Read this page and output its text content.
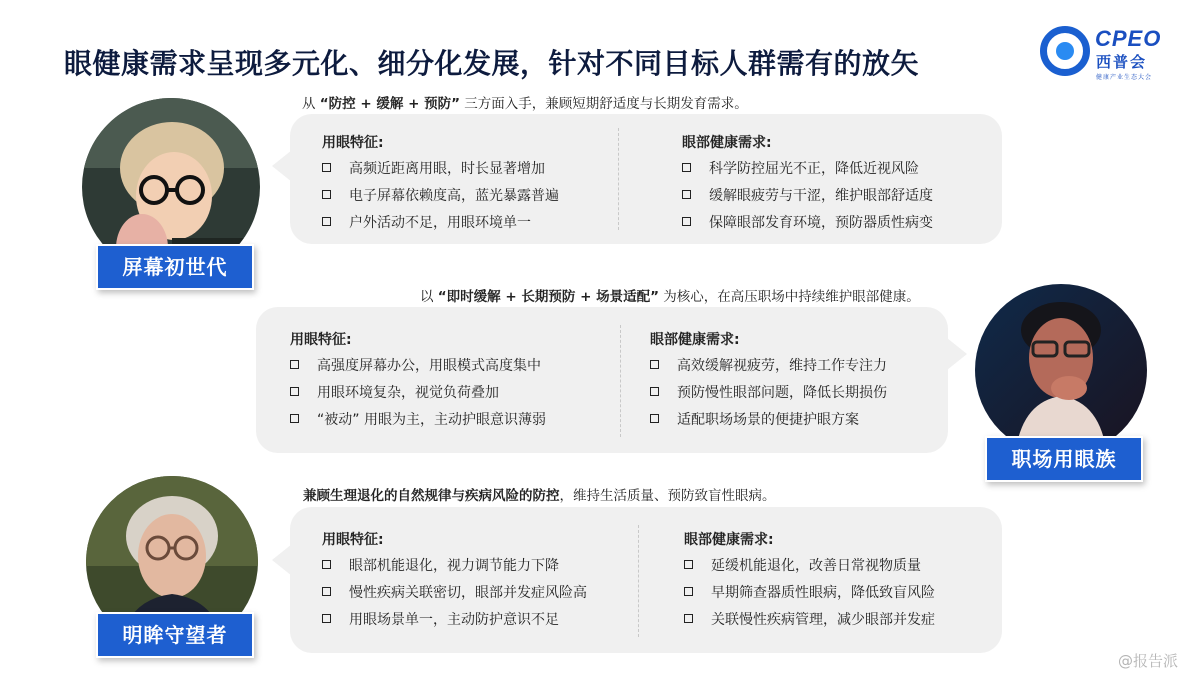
眼健康需求呈现多元化、细分化发展，针对不同目标人群需有的放矢
CPEO
西普会
健康产业生态大会
从 “防控 + 缓解 + 预防” 三方面入手，兼顾短期舒适度与长期发育需求。
用眼特征:
高频近距离用眼，时长显著增加
电子屏幕依赖度高，蓝光暴露普遍
户外活动不足，用眼环境单一
眼部健康需求:
科学防控屈光不正，降低近视风险
缓解眼疲劳与干涩，维护眼部舒适度
保障眼部发育环境，预防器质性病变
屏幕初世代
以 “即时缓解 + 长期预防 + 场景适配” 为核心，在高压职场中持续维护眼部健康。
用眼特征:
高强度屏幕办公，用眼模式高度集中
用眼环境复杂，视觉负荷叠加
“被动” 用眼为主，主动护眼意识薄弱
眼部健康需求:
高效缓解视疲劳，维持工作专注力
预防慢性眼部问题，降低长期损伤
适配职场场景的便捷护眼方案
职场用眼族
兼顾生理退化的自然规律与疾病风险的防控，维持生活质量、预防致盲性眼病。
用眼特征:
眼部机能退化，视力调节能力下降
慢性疾病关联密切，眼部并发症风险高
用眼场景单一，主动防护意识不足
眼部健康需求:
延缓机能退化，改善日常视物质量
早期筛查器质性眼病，降低致盲风险
关联慢性疾病管理，减少眼部并发症
明眸守望者
@报告派
